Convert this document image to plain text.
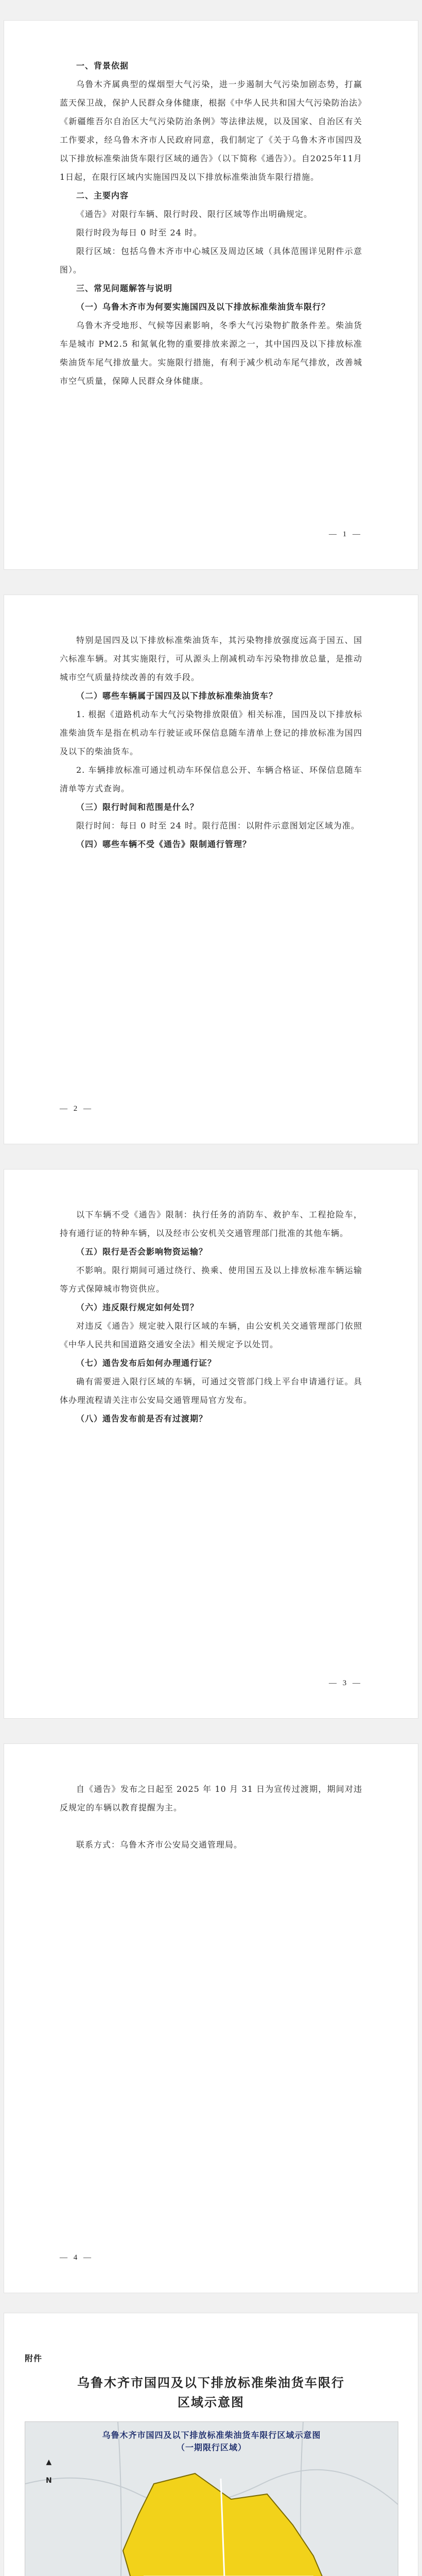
一、背景依据

乌鲁木齐属典型的煤烟型大气污染，进一步遏制大气污染加剧态势，打赢蓝天保卫战，保护人民群众身体健康，根据《中华人民共和国大气污染防治法》《新疆维吾尔自治区大气污染防治条例》等法律法规，以及国家、自治区有关工作要求，经乌鲁木齐市人民政府同意，我们制定了《关于乌鲁木齐市国四及以下排放标准柴油货车限行区域的通告》（以下简称《通告》）。自2025年11月1日起，在限行区域内实施国四及以下排放标准柴油货车限行措施。

二、主要内容

《通告》对限行车辆、限行时段、限行区域等作出明确规定。

限行时段为每日 0 时至 24 时。

限行区域：包括乌鲁木齐市中心城区及周边区域（具体范围详见附件示意图）。

三、常见问题解答与说明

（一）乌鲁木齐市为何要实施国四及以下排放标准柴油货车限行？

乌鲁木齐受地形、气候等因素影响，冬季大气污染物扩散条件差。柴油货车是城市 PM2.5 和氮氧化物的重要排放来源之一，其中国四及以下排放标准柴油货车尾气排放量大。实施限行措施，有利于减少机动车尾气排放，改善城市空气质量，保障人民群众身体健康。

— 1 —

特别是国四及以下排放标准柴油货车，其污染物排放强度远高于国五、国六标准车辆。对其实施限行，可从源头上削减机动车污染物排放总量，是推动城市空气质量持续改善的有效手段。

（二）哪些车辆属于国四及以下排放标准柴油货车？

1. 根据《道路机动车大气污染物排放限值》相关标准，国四及以下排放标准柴油货车是指在机动车行驶证或环保信息随车清单上登记的排放标准为国四及以下的柴油货车。

2. 车辆排放标准可通过机动车环保信息公开、车辆合格证、环保信息随车清单等方式查询。

（三）限行时间和范围是什么？

限行时间：每日 0 时至 24 时。限行范围：以附件示意图划定区域为准。

（四）哪些车辆不受《通告》限制通行管理？

— 2 —

以下车辆不受《通告》限制：执行任务的消防车、救护车、工程抢险车，持有通行证的特种车辆，以及经市公安机关交通管理部门批准的其他车辆。

（五）限行是否会影响物资运输？

不影响。限行期间可通过绕行、换乘、使用国五及以上排放标准车辆运输等方式保障城市物资供应。

（六）违反限行规定如何处罚？

对违反《通告》规定驶入限行区域的车辆，由公安机关交通管理部门依照《中华人民共和国道路交通安全法》相关规定予以处罚。

（七）通告发布后如何办理通行证？

确有需要进入限行区域的车辆，可通过交管部门线上平台申请通行证。具体办理流程请关注市公安局交通管理局官方发布。

（八）通告发布前是否有过渡期？

— 3 —

自《通告》发布之日起至 2025 年 10 月 31 日为宣传过渡期，期间对违反规定的车辆以教育提醒为主。

联系方式：乌鲁木齐市公安局交通管理局。

— 4 —
附件
乌鲁木齐市国四及以下排放标准柴油货车限行
区域示意图
乌鲁木齐市国四及以下排放标准柴油货车限行区域示意图
（一期限行区域）
▲
N
